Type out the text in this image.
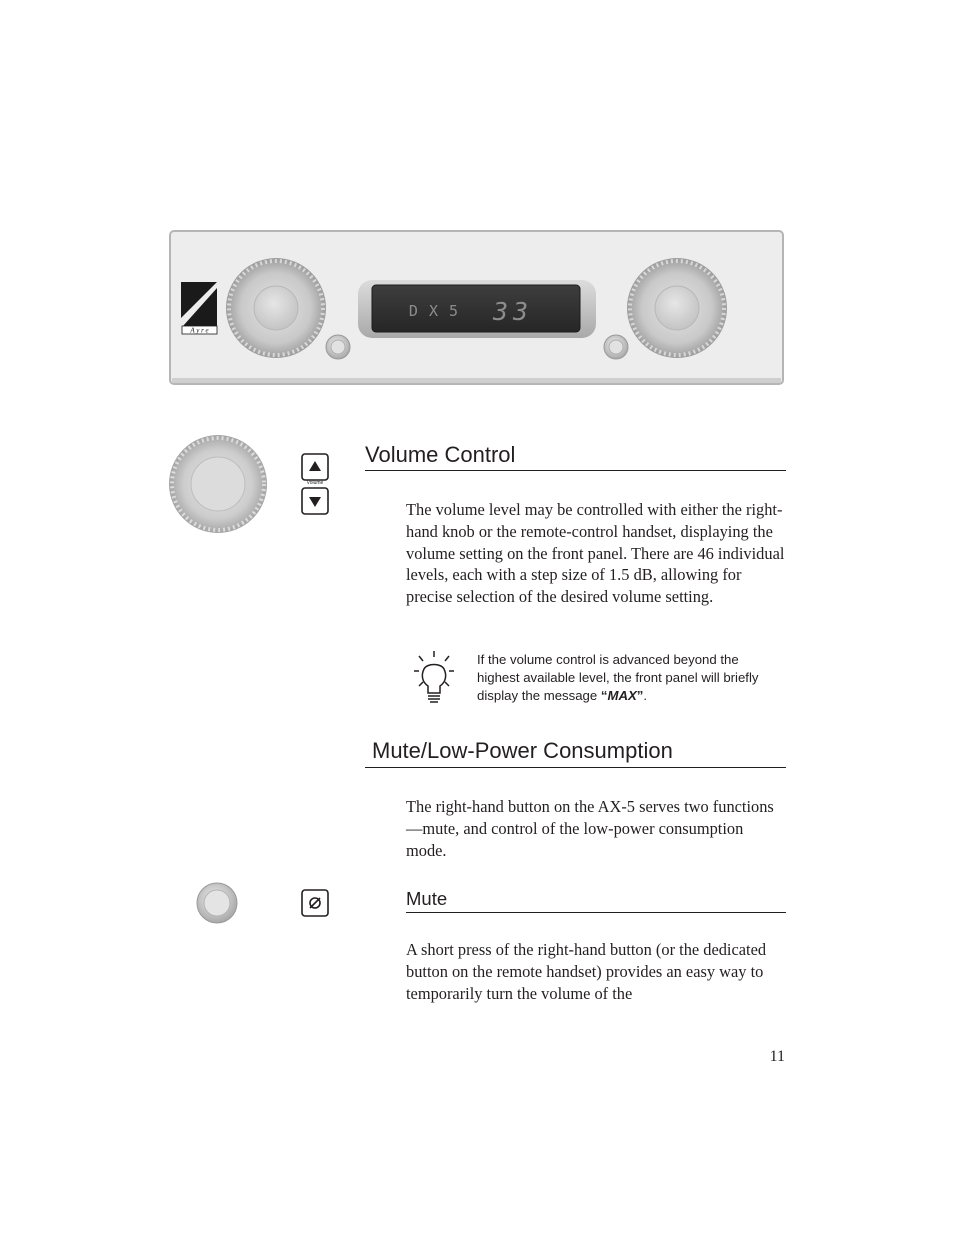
A y r e
D X 5 33
Volume
Volume Control

The volume level may be controlled with either the right-hand knob or the remote-control handset, displaying the volume setting on the front panel. There are 46 individual levels, each with a step size of 1.5 dB, allowing for precise selection of the desired volume setting.

If the volume control is advanced beyond the highest available level, the front panel will briefly display the message “MAX”.

Mute/Low-Power Consumption

The right-hand button on the AX-5 serves two functions—mute, and control of the low-power consumption mode.

Mute

A short press of the right-hand button (or the dedicated button on the remote handset) provides an easy way to temporarily turn the volume of the

11
